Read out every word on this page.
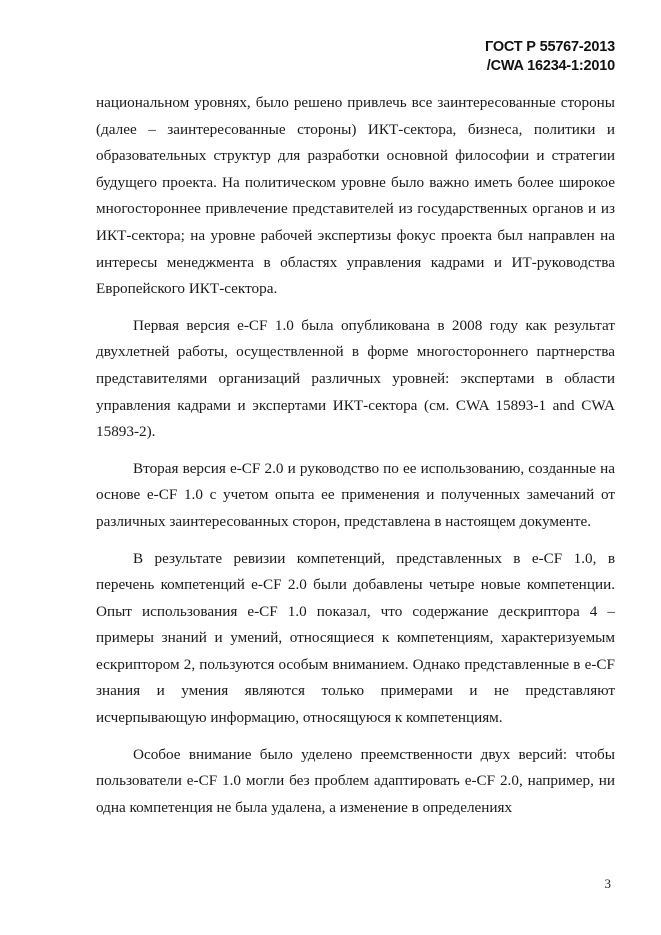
ГОСТ Р 55767-2013
/CWA 16234-1:2010

национальном уровнях, было решено привлечь все заинтересованные стороны (далее – заинтересованные стороны) ИКТ-сектора, бизнеса, политики и образовательных структур для разработки основной философии и стратегии будущего проекта. На политическом уровне было важно иметь более широкое многостороннее привлечение представителей из государственных органов и из ИКТ-сектора; на уровне рабочей экспертизы фокус проекта был направлен на интересы менеджмента в областях управления кадрами и ИТ-руководства Европейского ИКТ-сектора.

Первая версия e-CF 1.0 была опубликована в 2008 году как результат двухлетней работы, осуществленной в форме многостороннего партнерства представителями организаций различных уровней: экспертами в области управления кадрами и экспертами ИКТ-сектора (см. CWA 15893-1 and CWA 15893-2).

Вторая версия e-CF 2.0 и руководство по ее использованию, созданные на основе e-CF 1.0 с учетом опыта ее применения и полученных замечаний от различных заинтересованных сторон, представлена в настоящем документе.

В результате ревизии компетенций, представленных в e-CF 1.0, в перечень компетенций e-CF 2.0 были добавлены четыре новые компетенции. Опыт использования e-CF 1.0 показал, что содержание дескриптора 4 – примеры знаний и умений, относящиеся к компетенциям, характеризуемым ескриптором 2, пользуются особым вниманием. Однако представленные в e-CF знания и умения являются только примерами и не представляют исчерпывающую информацию, относящуюся к компетенциям.

Особое внимание было уделено преемственности двух версий: чтобы пользователи e-CF 1.0 могли без проблем адаптировать e-CF 2.0, например, ни одна компетенция не была удалена, а изменение в определениях

3
